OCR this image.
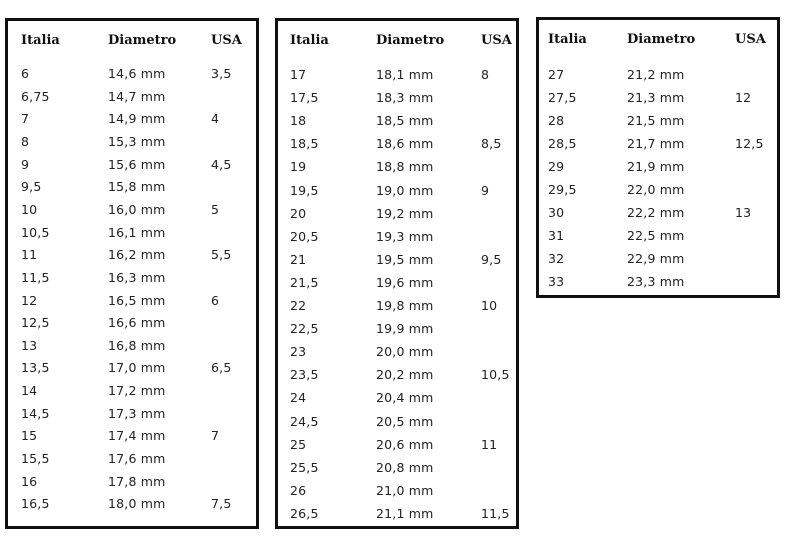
Italia	Diametro	USA
6	14,6 mm	3,5
6,75	14,7 mm
7	14,9 mm	4
8	15,3 mm
9	15,6 mm	4,5
9,5	15,8 mm
10	16,0 mm	5
10,5	16,1 mm
11	16,2 mm	5,5
11,5	16,3 mm
12	16,5 mm	6
12,5	16,6 mm
13	16,8 mm
13,5	17,0 mm	6,5
14	17,2 mm
14,5	17,3 mm
15	17,4 mm	7
15,5	17,6 mm
16	17,8 mm
16,5	18,0 mm	7,5
Italia	Diametro	USA
17	18,1 mm	8
17,5	18,3 mm
18	18,5 mm
18,5	18,6 mm	8,5
19	18,8 mm
19,5	19,0 mm	9
20	19,2 mm
20,5	19,3 mm
21	19,5 mm	9,5
21,5	19,6 mm
22	19,8 mm	10
22,5	19,9 mm
23	20,0 mm
23,5	20,2 mm	10,5
24	20,4 mm
24,5	20,5 mm
25	20,6 mm	11
25,5	20,8 mm
26	21,0 mm
26,5	21,1 mm	11,5
Italia	Diametro	USA
27	21,2 mm
27,5	21,3 mm	12
28	21,5 mm
28,5	21,7 mm	12,5
29	21,9 mm
29,5	22,0 mm
30	22,2 mm	13
31	22,5 mm
32	22,9 mm
33	23,3 mm
